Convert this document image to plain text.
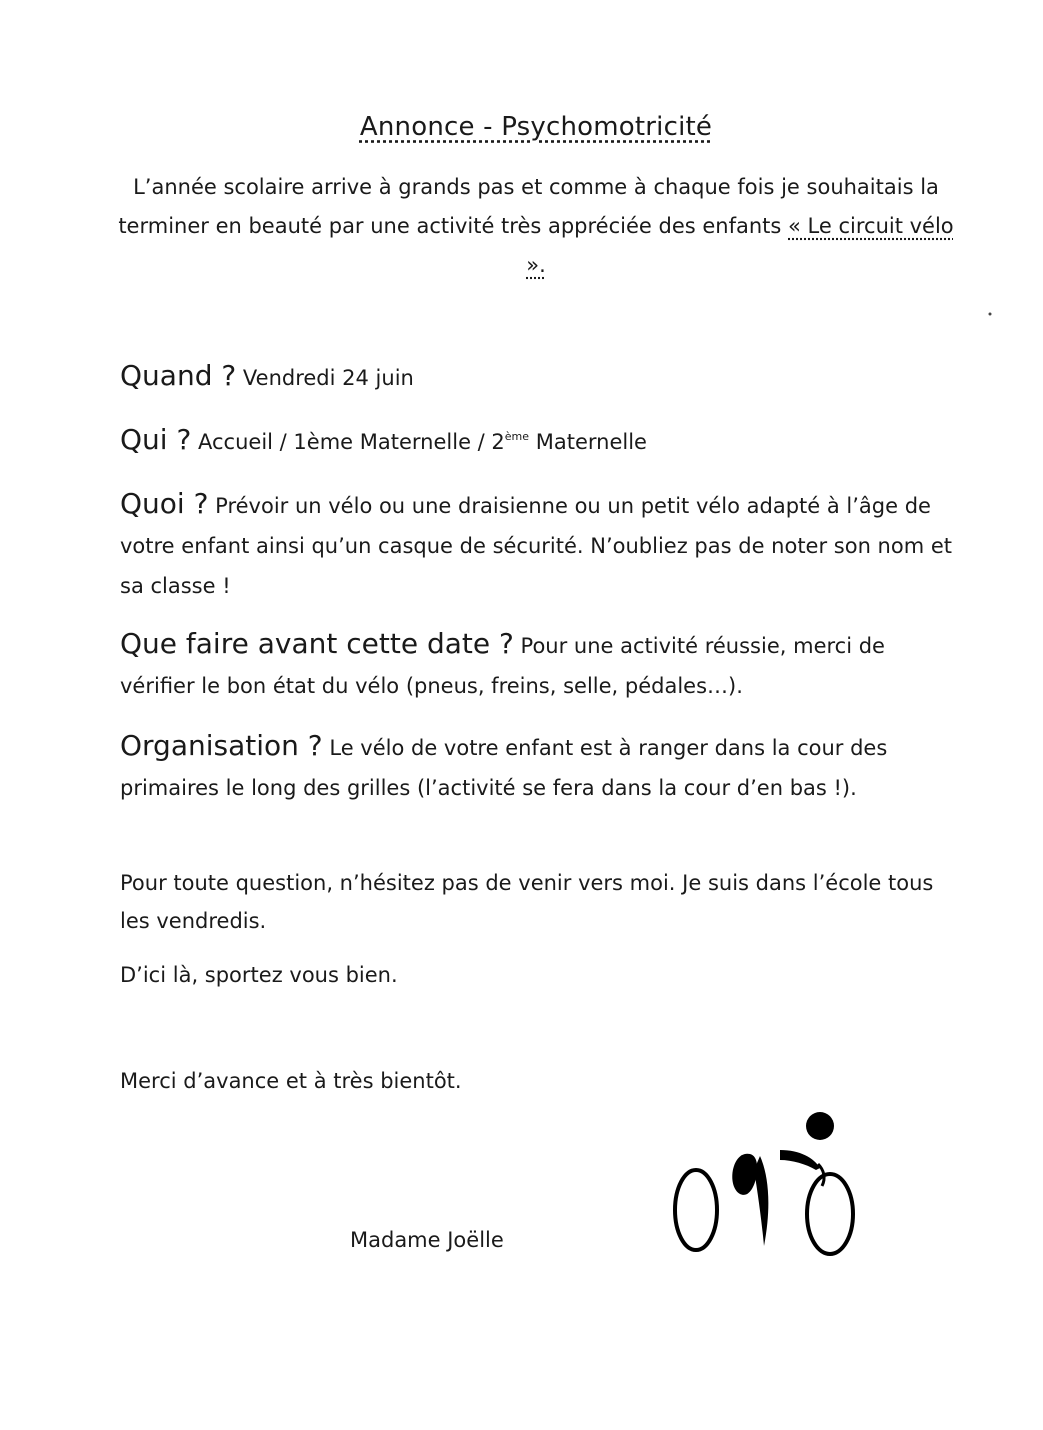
Annonce - Psychomotricité
L’année scolaire arrive à grands pas et comme à chaque fois je souhaitais la terminer en beauté par une activité très appréciée des enfants « Le circuit vélo ».
Quand ? Vendredi 24 juin
Qui ? Accueil / 1ème Maternelle / 2ème Maternelle
Quoi ? Prévoir un vélo ou une draisienne ou un petit vélo adapté à l’âge de votre enfant ainsi qu’un casque de sécurité. N’oubliez pas de noter son nom et sa classe !
Que faire avant cette date ? Pour une activité réussie, merci de vérifier le bon état du vélo (pneus, freins, selle, pédales…).
Organisation ? Le vélo de votre enfant est à ranger dans la cour des primaires le long des grilles (l’activité se fera dans la cour d’en bas !).
Pour toute question, n’hésitez pas de venir vers moi. Je suis dans l’école tous les vendredis.
D’ici là, sportez vous bien.
Merci d’avance et à très bientôt.
Madame Joëlle
